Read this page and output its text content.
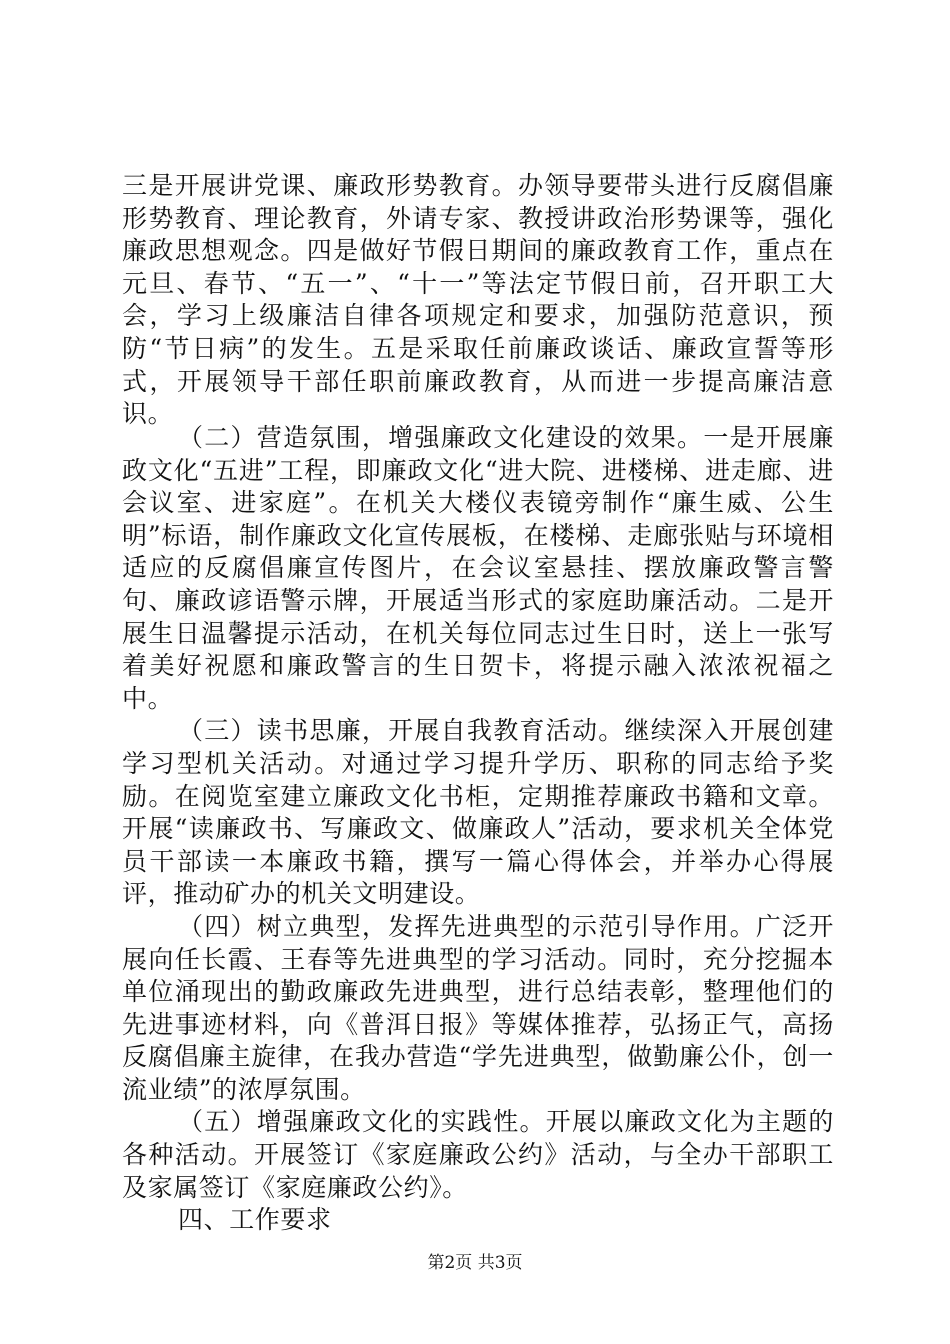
三是开展讲党课、廉政形势教育。办领导要带头进行反腐倡廉形势教育、理论教育，外请专家、教授讲政治形势课等，强化廉政思想观念。四是做好节假日期间的廉政教育工作，重点在元旦、春节、“五一”、“十一”等法定节假日前，召开职工大会，学习上级廉洁自律各项规定和要求，加强防范意识，预防“节日病”的发生。五是采取任前廉政谈话、廉政宣誓等形式，开展领导干部任职前廉政教育，从而进一步提高廉洁意识。

（二）营造氛围，增强廉政文化建设的效果。一是开展廉政文化“五进”工程，即廉政文化“进大院、进楼梯、进走廊、进会议室、进家庭”。在机关大楼仪表镜旁制作“廉生威、公生明”标语，制作廉政文化宣传展板，在楼梯、走廊张贴与环境相适应的反腐倡廉宣传图片，在会议室悬挂、摆放廉政警言警句、廉政谚语警示牌，开展适当形式的家庭助廉活动。二是开展生日温馨提示活动，在机关每位同志过生日时，送上一张写着美好祝愿和廉政警言的生日贺卡，将提示融入浓浓祝福之中。

（三）读书思廉，开展自我教育活动。继续深入开展创建学习型机关活动。对通过学习提升学历、职称的同志给予奖励。在阅览室建立廉政文化书柜，定期推荐廉政书籍和文章。开展“读廉政书、写廉政文、做廉政人”活动，要求机关全体党员干部读一本廉政书籍，撰写一篇心得体会，并举办心得展评，推动矿办的机关文明建设。

（四）树立典型，发挥先进典型的示范引导作用。广泛开展向任长霞、王春等先进典型的学习活动。同时，充分挖掘本单位涌现出的勤政廉政先进典型，进行总结表彰，整理他们的先进事迹材料，向《普洱日报》等媒体推荐，弘扬正气，高扬反腐倡廉主旋律，在我办营造“学先进典型，做勤廉公仆，创一流业绩”的浓厚氛围。

（五）增强廉政文化的实践性。开展以廉政文化为主题的各种活动。开展签订《家庭廉政公约》活动，与全办干部职工及家属签订《家庭廉政公约》。

四、工作要求

第2页 共3页
